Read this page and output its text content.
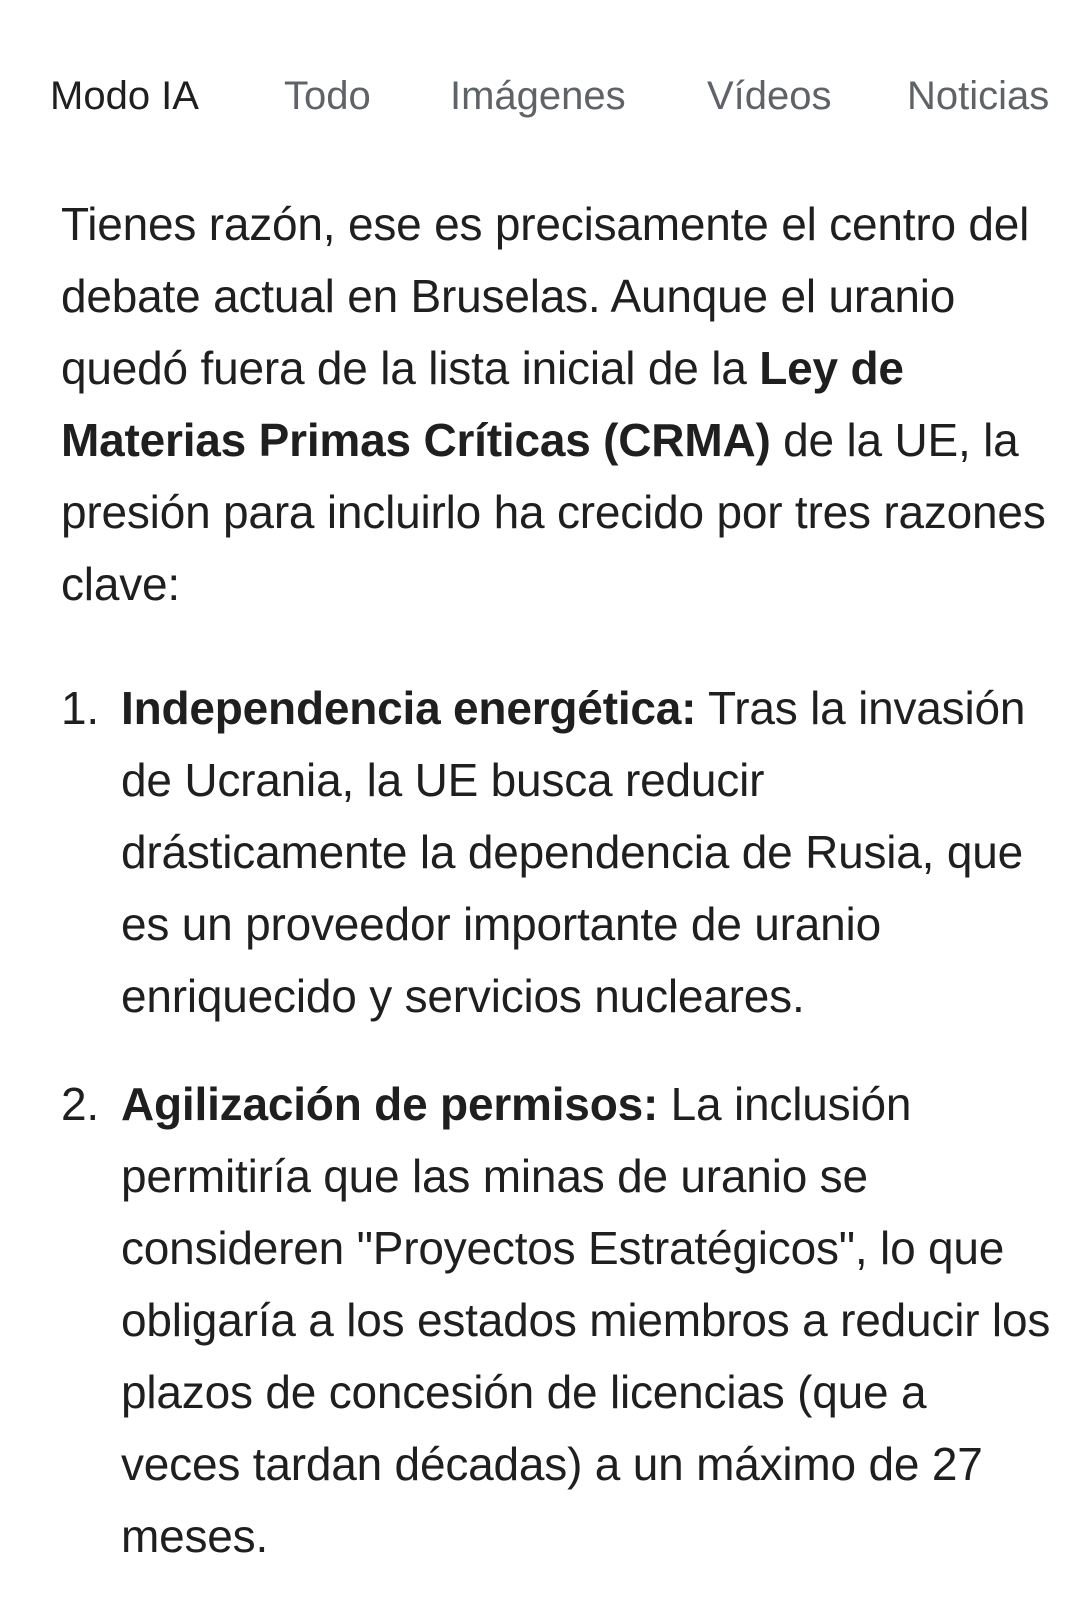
Modo IA Todo Imágenes Vídeos Noticias

Tienes razón, ese es precisamente el centro del debate actual en Bruselas. Aunque el uranio quedó fuera de la lista inicial de la Ley de Materias Primas Críticas (CRMA) de la UE, la presión para incluirlo ha crecido por tres razones clave:

1. Independencia energética: Tras la invasión de Ucrania, la UE busca reducir drásticamente la dependencia de Rusia, que es un proveedor importante de uranio enriquecido y servicios nucleares.
2. Agilización de permisos: La inclusión permitiría que las minas de uranio se consideren "Proyectos Estratégicos", lo que obligaría a los estados miembros a reducir los plazos de concesión de licencias (que a veces tardan décadas) a un máximo de 27 meses.
